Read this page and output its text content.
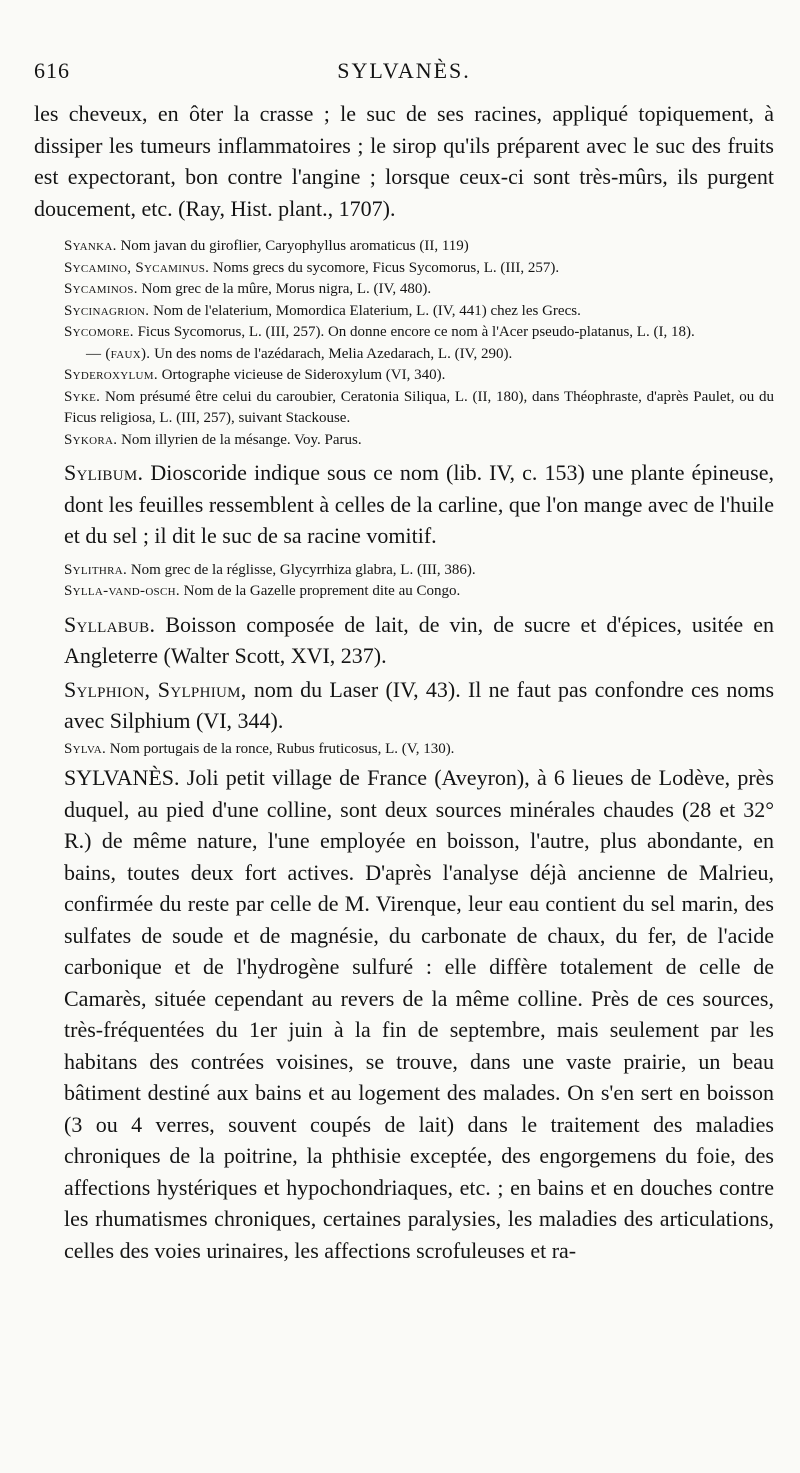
616	SYLVANÈS.

les cheveux, en ôter la crasse ; le suc de ses racines, appliqué topiquement, à dissiper les tumeurs inflammatoires ; le sirop qu'ils préparent avec le suc des fruits est expectorant, bon contre l'angine ; lorsque ceux-ci sont très-mûrs, ils purgent doucement, etc. (Ray, Hist. plant., 1707).

Syanka. Nom javan du giroflier, Caryophyllus aromaticus (II, 119)
Sycamino, Sycaminus. Noms grecs du sycomore, Ficus Sycomorus, L. (III, 257).
Sycaminos. Nom grec de la mûre, Morus nigra, L. (IV, 480).
Sycinagrion. Nom de l'elaterium, Momordica Elaterium, L. (IV, 441) chez les Grecs.
Sycomore. Ficus Sycomorus, L. (III, 257). On donne encore ce nom à l'Acer pseudo-platanus, L. (I, 18).
— (faux). Un des noms de l'azédarach, Melia Azedarach, L. (IV, 290).
Syderoxylum. Ortographe vicieuse de Sideroxylum (VI, 340).
Syke. Nom présumé être celui du caroubier, Ceratonia Siliqua, L. (II, 180), dans Théophraste, d'après Paulet, ou du Ficus religiosa, L. (III, 257), suivant Stackouse.
Sykora. Nom illyrien de la mésange. Voy. Parus.

Sylibum. Dioscoride indique sous ce nom (lib. IV, c. 153) une plante épineuse, dont les feuilles ressemblent à celles de la carline, que l'on mange avec de l'huile et du sel ; il dit le suc de sa racine vomitif.

Sylithra. Nom grec de la réglisse, Glycyrrhiza glabra, L. (III, 386).
Sylla-vand-osch. Nom de la Gazelle proprement dite au Congo.

Syllabub. Boisson composée de lait, de vin, de sucre et d'épices, usitée en Angleterre (Walter Scott, XVI, 237).

Sylphion, Sylphium, nom du Laser (IV, 43). Il ne faut pas confondre ces noms avec Silphium (VI, 344).

Sylva. Nom portugais de la ronce, Rubus fruticosus, L. (V, 130).

SYLVANÈS. Joli petit village de France (Aveyron), à 6 lieues de Lodève, près duquel, au pied d'une colline, sont deux sources minérales chaudes (28 et 32° R.) de même nature, l'une employée en boisson, l'autre, plus abondante, en bains, toutes deux fort actives. D'après l'analyse déjà ancienne de Malrieu, confirmée du reste par celle de M. Virenque, leur eau contient du sel marin, des sulfates de soude et de magnésie, du carbonate de chaux, du fer, de l'acide carbonique et de l'hydrogène sulfuré : elle diffère totalement de celle de Camarès, située cependant au revers de la même colline. Près de ces sources, très-fréquentées du 1er juin à la fin de septembre, mais seulement par les habitans des contrées voisines, se trouve, dans une vaste prairie, un beau bâtiment destiné aux bains et au logement des malades. On s'en sert en boisson (3 ou 4 verres, souvent coupés de lait) dans le traitement des maladies chroniques de la poitrine, la phthisie exceptée, des engorgemens du foie, des affections hystériques et hypochondriaques, etc. ; en bains et en douches contre les rhumatismes chroniques, certaines paralysies, les maladies des articulations, celles des voies urinaires, les affections scrofuleuses et ra-
